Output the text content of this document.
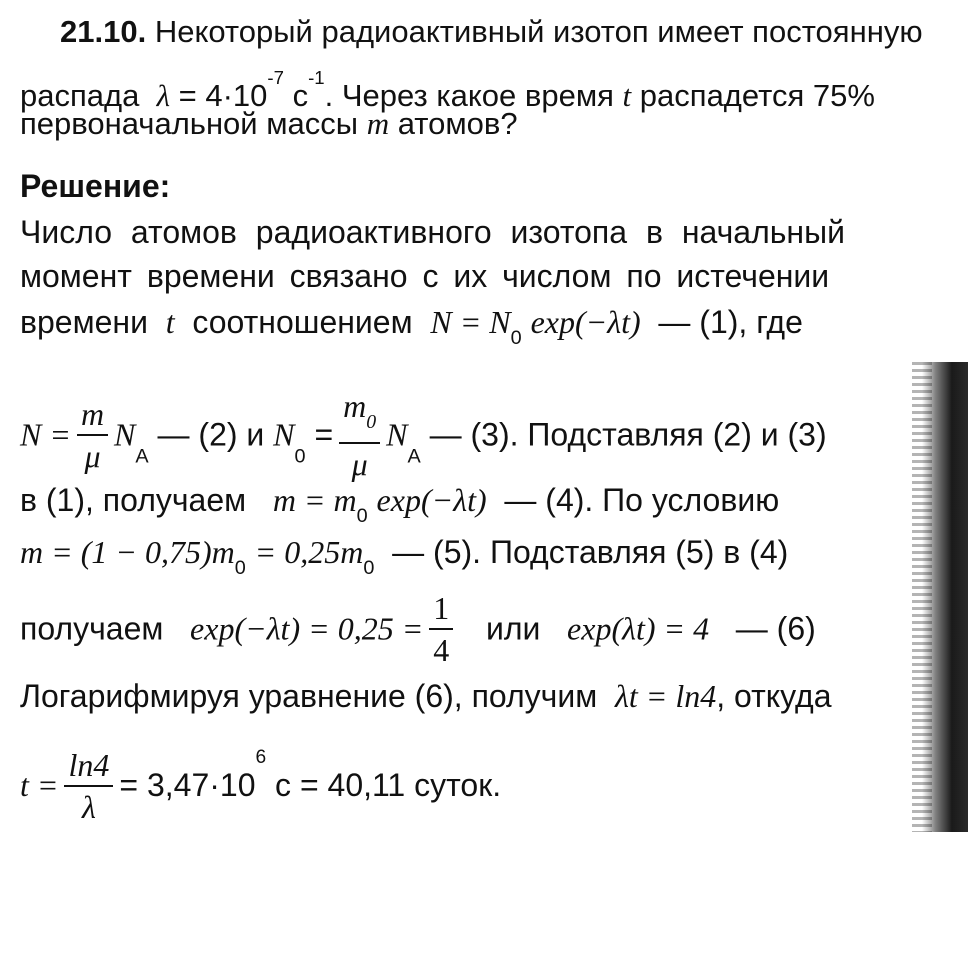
21.10. Некоторый радиоактивный изотоп имеет постоянную
распада $\lambda = 4\cdot 10^{-7}$ $с^{-1}$. Через какое время t распадется 75%
первоначальной массы m атомов?
Решение:
Число атомов радиоактивного изотопа в начальный
момент времени связано с их числом по истечении
времени t соотношением $N = N_0$ exp(−λt) — (1), где
$N = \frac{m}{\mu} N_A$ — (2) и $N_0 = \frac{m_0}{\mu} N_A$ — (3). Подставляя (2) и (3)
в (1), получаем $m = m_0$ exp(−λt) — (4). По условию
$m = (1 - 0,75)m_0 = 0,25m_0$ — (5). Подставляя (5) в (4)
получаем $\exp(-\lambda t) = 0,25 = \frac{1}{4}$ или exp(λt) = 4 — (6)
Логарифмируя уравнение (6), получим λt = ln4, откуда
$t = \frac{\ln 4}{\lambda} = 3,47\cdot 10^6$ с = 40,11 суток.
